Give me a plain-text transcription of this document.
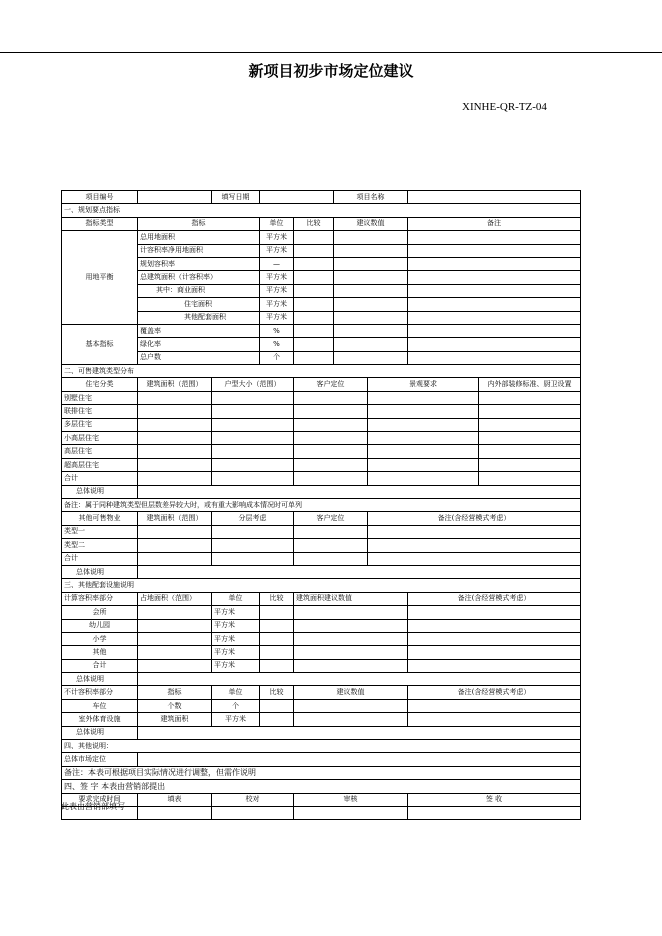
新项目初步市场定位建议
XINHE-QR-TZ-04
项目编号		填写日期			项目名称			
一、规划要点指标								
指标类型	指标		单位	比较	建议数值		备注	
用地平衡	总用地面积		平方米					
	计容积率净用地面积		平方米					
	规划容积率		—					
	总建筑面积（计容积率）		平方米					
	其中：商业面积		平方米					
	住宅面积		平方米					
	其他配套面积		平方米					
基本指标	覆盖率		%					
	绿化率		%					
	总户数		个					
二、可售建筑类型分布								
住宅分类	建筑面积（范围）	户型大小（范围）		客户定位		景观要求		内外部装修标准、厨卫设置
别墅住宅								
联排住宅								
多层住宅								
小高层住宅								
高层住宅								
超高层住宅								
合计								
总体说明								
备注：属于同种建筑类型但层数差异较大时，或有重大影响成本情况时可单列								
其他可售物业	建筑面积（范围）	分层考虑		客户定位		备注(含经营模式考虑）		
类型一								
类型二								
合计								
总体说明								
三、其他配套设施说明								
计算容积率部分	占地面积（范围）	单位	比较	建筑面积建议数值			备注(含经营模式考虑）	
会所		平方米						
幼儿园		平方米						
小学		平方米						
其他		平方米						
合计		平方米						
总体说明								
不计容积率部分	指标	单位	比较	建议数值			备注(含经营模式考虑）	
车位	个数	个						
室外体育设施	建筑面积	平方米						
总体说明								
四、其他说明：								
总体市场定位								
备注：本表可根据项目实际情况进行调整，但需作说明								
四、签 字 本表由营销部提出								
要求完成时间	填表	校对		审核			签 收	

此表由营销部填写
